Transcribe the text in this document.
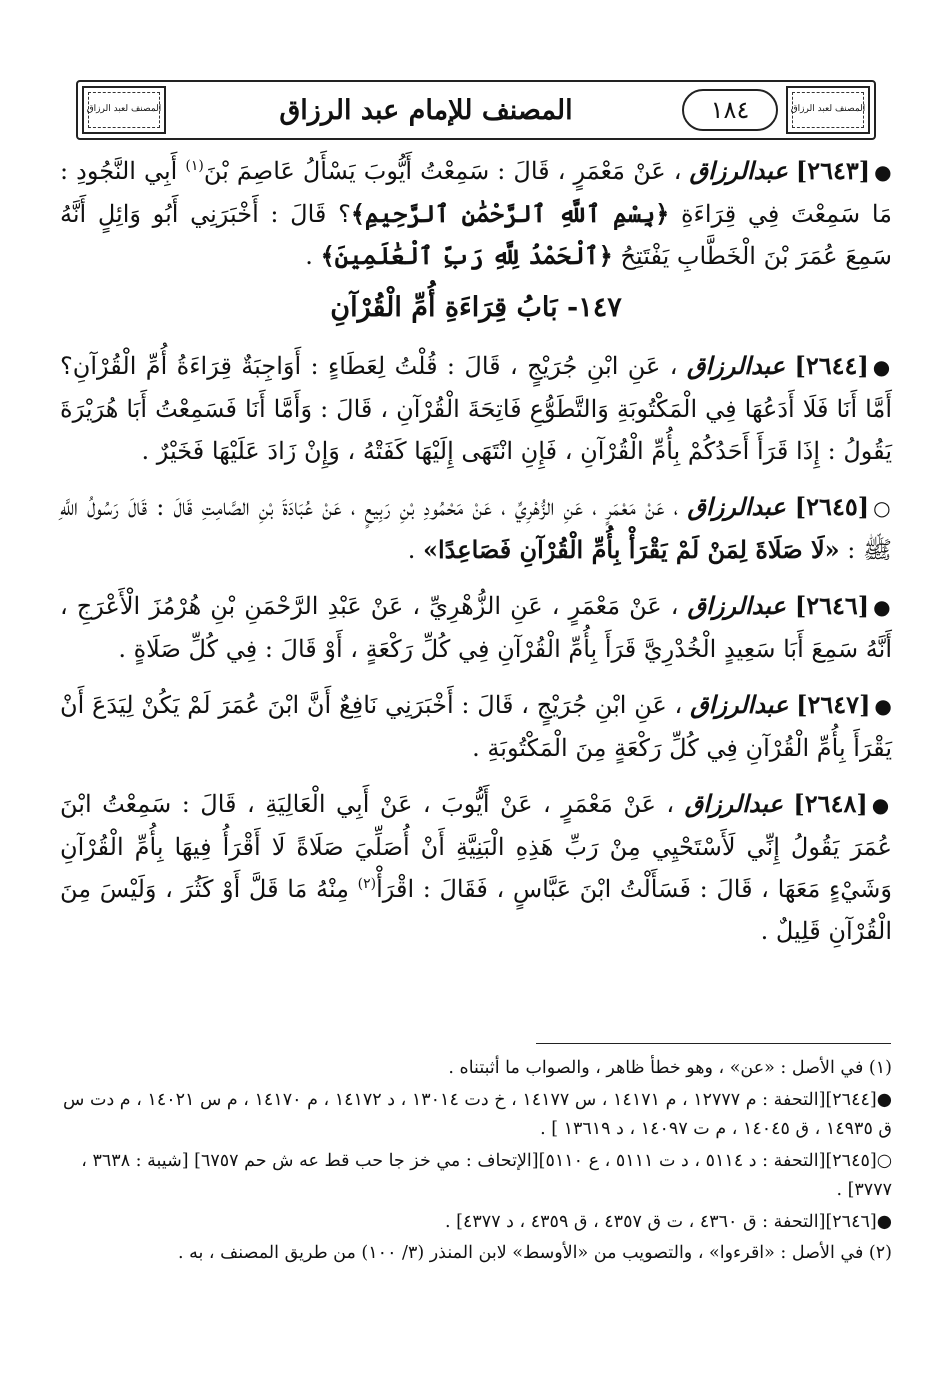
المصنف لعبد الرزاق	المصنف للإمام عبد الرزاق	١٨٤	المصنف لعبد الرزاق

●[٢٦٤٣] عبدالرزاق ، عَنْ مَعْمَرٍ ، قَالَ : سَمِعْتُ أَيُّوبَ يَسْأَلُ عَاصِمَ بْنَ$^{(١)}$ أَبِي النَّجُودِ : مَا سَمِعْتَ فِي قِرَاءَةِ ﴿بِسْمِ ٱللَّهِ ٱلرَّحْمَٰنِ ٱلرَّحِيمِ﴾؟ قَالَ : أَخْبَرَنِي أَبُو وَائِلٍ أَنَّهُ سَمِعَ عُمَرَ بْنَ الْخَطَّابِ يَفْتَتِحُ ﴿ٱلْحَمْدُ لِلَّهِ رَبِّ ٱلْعَٰلَمِينَ﴾ .

١٤٧- بَابُ قِرَاءَةِ أُمِّ الْقُرْآنِ

●[٢٦٤٤] عبدالرزاق ، عَنِ ابْنِ جُرَيْجٍ ، قَالَ : قُلْتُ لِعَطَاءٍ : أَوَاجِبَةٌ قِرَاءَةُ أُمِّ الْقُرْآنِ؟ أَمَّا أَنَا فَلَا أَدَعُهَا فِي الْمَكْتُوبَةِ وَالتَّطَوُّعِ فَاتِحَةَ الْقُرْآنِ ، قَالَ : وَأَمَّا أَنَا فَسَمِعْتُ أَبَا هُرَيْرَةَ يَقُولُ : إِذَا قَرَأَ أَحَدُكُمْ بِأُمِّ الْقُرْآنِ ، فَإِنِ انْتَهَى إِلَيْهَا كَفَتْهُ ، وَإِنْ زَادَ عَلَيْهَا فَخَيْرٌ .

○[٢٦٤٥] عبدالرزاق ، عَنْ مَعْمَرٍ ، عَنِ الزُّهْرِيِّ ، عَنْ مَحْمُودِ بْنِ رَبِيعٍ ، عَنْ عُبَادَةَ بْنِ الصَّامِتِ قَالَ : قَالَ رَسُولُ اللَّهِ ﷺ : «لَا صَلَاةَ لِمَنْ لَمْ يَقْرَأْ بِأُمِّ الْقُرْآنِ فَصَاعِدًا» .

●[٢٦٤٦] عبدالرزاق ، عَنْ مَعْمَرٍ ، عَنِ الزُّهْرِيِّ ، عَنْ عَبْدِ الرَّحْمَنِ بْنِ هُرْمُزَ الْأَعْرَجِ ، أَنَّهُ سَمِعَ أَبَا سَعِيدٍ الْخُدْرِيَّ قَرَأَ بِأُمِّ الْقُرْآنِ فِي كُلِّ رَكْعَةٍ ، أَوْ قَالَ : فِي كُلِّ صَلَاةٍ .

●[٢٦٤٧] عبدالرزاق ، عَنِ ابْنِ جُرَيْجٍ ، قَالَ : أَخْبَرَنِي نَافِعٌ أَنَّ ابْنَ عُمَرَ لَمْ يَكُنْ لِيَدَعَ أَنْ يَقْرَأَ بِأُمِّ الْقُرْآنِ فِي كُلِّ رَكْعَةٍ مِنَ الْمَكْتُوبَةِ .

●[٢٦٤٨] عبدالرزاق ، عَنْ مَعْمَرٍ ، عَنْ أَيُّوبَ ، عَنْ أَبِي الْعَالِيَةِ ، قَالَ : سَمِعْتُ ابْنَ عُمَرَ يَقُولُ إِنِّي لَأَسْتَحْيِي مِنْ رَبِّ هَذِهِ الْبَنِيَّةِ أَنْ أُصَلِّيَ صَلَاةً لَا أَقْرَأُ فِيهَا بِأُمِّ الْقُرْآنِ وَشَيْءٍ مَعَهَا ، قَالَ : فَسَأَلْتُ ابْنَ عَبَّاسٍ ، فَقَالَ : اقْرَأْ$^{(٢)}$ مِنْهُ مَا قَلَّ أَوْ كَثُرَ ، وَلَيْسَ مِنَ الْقُرْآنِ قَلِيلٌ .

(١) في الأصل : «عن» ، وهو خطأ ظاهر ، والصواب ما أثبتناه .

●[٢٦٤٤][التحفة : م ١٢٧٧٧ ، م ١٤١٧١ ، س ١٤١٧٧ ، خ دت ١٣٠١٤ ، د ١٤١٧٢ ، م ١٤١٧٠ ، م س ١٤٠٢١ ، م دت س ق ١٤٩٣٥ ، ق ١٤٠٤٥ ، م ت ١٤٠٩٧ ، د ١٣٦١٩ ] .

○[٢٦٤٥][التحفة : د ٥١١٤ ، د ت ٥١١١ ، ع ٥١١٠][الإتحاف : مي خز جا حب قط عه ش حم ٦٧٥٧] [شيبة : ٣٦٣٨ ، ٣٧٧٧] .

●[٢٦٤٦][التحفة : ق ٤٣٦٠ ، ت ق ٤٣٥٧ ، ق ٤٣٥٩ ، د ٤٣٧٧] .

(٢) في الأصل : «اقرءوا» ، والتصويب من «الأوسط» لابن المنذر (٣/ ١٠٠) من طريق المصنف ، به .
